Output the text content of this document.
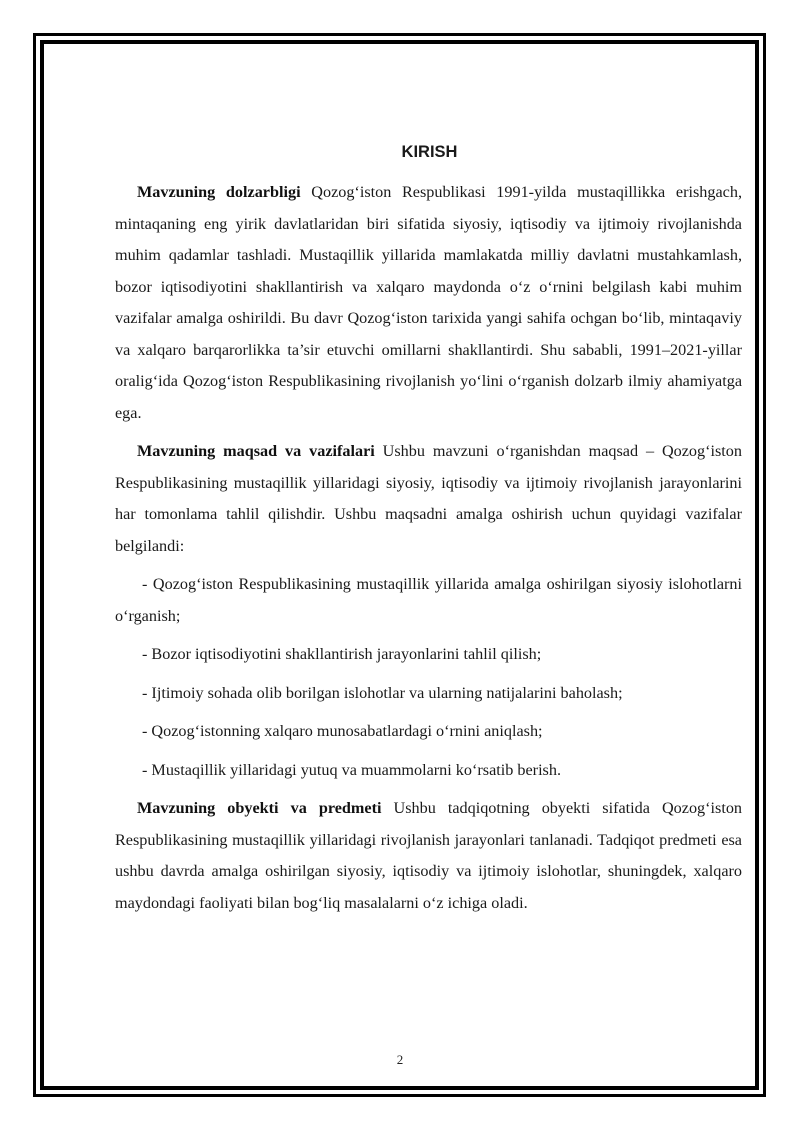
KIRISH

Mavzuning dolzarbligi Qozog‘iston Respublikasi 1991-yilda mustaqillikka erishgach, mintaqaning eng yirik davlatlaridan biri sifatida siyosiy, iqtisodiy va ijtimoiy rivojlanishda muhim qadamlar tashladi. Mustaqillik yillarida mamlakatda milliy davlatni mustahkamlash, bozor iqtisodiyotini shakllantirish va xalqaro maydonda o‘z o‘rnini belgilash kabi muhim vazifalar amalga oshirildi. Bu davr Qozog‘iston tarixida yangi sahifa ochgan bo‘lib, mintaqaviy va xalqaro barqarorlikka ta’sir etuvchi omillarni shakllantirdi. Shu sababli, 1991–2021-yillar oralig‘ida Qozog‘iston Respublikasining rivojlanish yo‘lini o‘rganish dolzarb ilmiy ahamiyatga ega.

Mavzuning maqsad va vazifalari Ushbu mavzuni o‘rganishdan maqsad – Qozog‘iston Respublikasining mustaqillik yillaridagi siyosiy, iqtisodiy va ijtimoiy rivojlanish jarayonlarini har tomonlama tahlil qilishdir. Ushbu maqsadni amalga oshirish uchun quyidagi vazifalar belgilandi:

- Qozog‘iston Respublikasining mustaqillik yillarida amalga oshirilgan siyosiy islohotlarni o‘rganish;

- Bozor iqtisodiyotini shakllantirish jarayonlarini tahlil qilish;

- Ijtimoiy sohada olib borilgan islohotlar va ularning natijalarini baholash;

- Qozog‘istonning xalqaro munosabatlardagi o‘rnini aniqlash;

- Mustaqillik yillaridagi yutuq va muammolarni ko‘rsatib berish.

Mavzuning obyekti va predmeti Ushbu tadqiqotning obyekti sifatida Qozog‘iston Respublikasining mustaqillik yillaridagi rivojlanish jarayonlari tanlanadi. Tadqiqot predmeti esa ushbu davrda amalga oshirilgan siyosiy, iqtisodiy va ijtimoiy islohotlar, shuningdek, xalqaro maydondagi faoliyati bilan bog‘liq masalalarni o‘z ichiga oladi.

2
